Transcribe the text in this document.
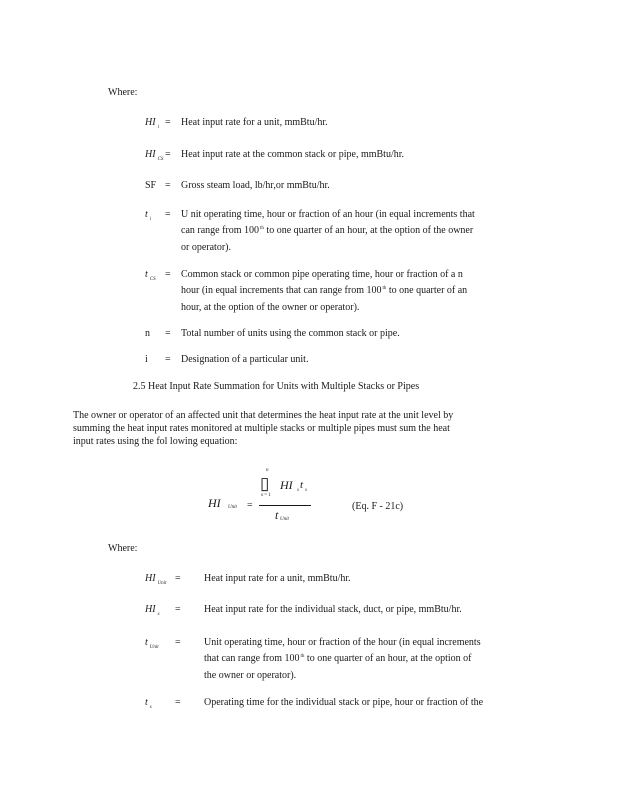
Where:
HI $_i$ = Heat input rate for a unit, mmBtu/hr.
HI $_{CS}$ = Heat input rate at the common stack or pipe, mmBtu/hr.
SF = Gross steam load, lb/hr,or mmBtu/hr.
t $_i$ = U nit operating time, hour or fraction of an hour (in equal increments that
can range from 100th to one quarter of an hour, at the option of the owner
or operator).
t $_{CS}$ = Common stack or common pipe operating time, hour or fraction of a n
hour (in equal increments that can range from 100th to one quarter of an
hour, at the option of the owner or operator).
n = Total number of units using the common stack or pipe.
i = Designation of a particular unit.
2.5 Heat Input Rate Summation for Units with Multiple Stacks or Pipes
The owner or operator of an affected unit that determines the heat input rate at the unit level by
summing the heat input rates monitored at multiple stacks or multiple pipes must sum the heat
input rates using the fol lowing equation:
HI Unit =
n
▯
s = 1
HI s t s
t Unit
(Eq. F - 21c)
Where:
HI $_{Unit}$ = Heat input rate for a unit, mmBtu/hr.
HI $_s$ = Heat input rate for the individual stack, duct, or pipe, mmBtu/hr.
t $_{Unit}$ = Unit operating time, hour or fraction of the hour (in equal increments
that can range from 100th to one quarter of an hour, at the option of
the owner or operator).
t $_s$ = Operating time for the individual stack or pipe, hour or fraction of the
